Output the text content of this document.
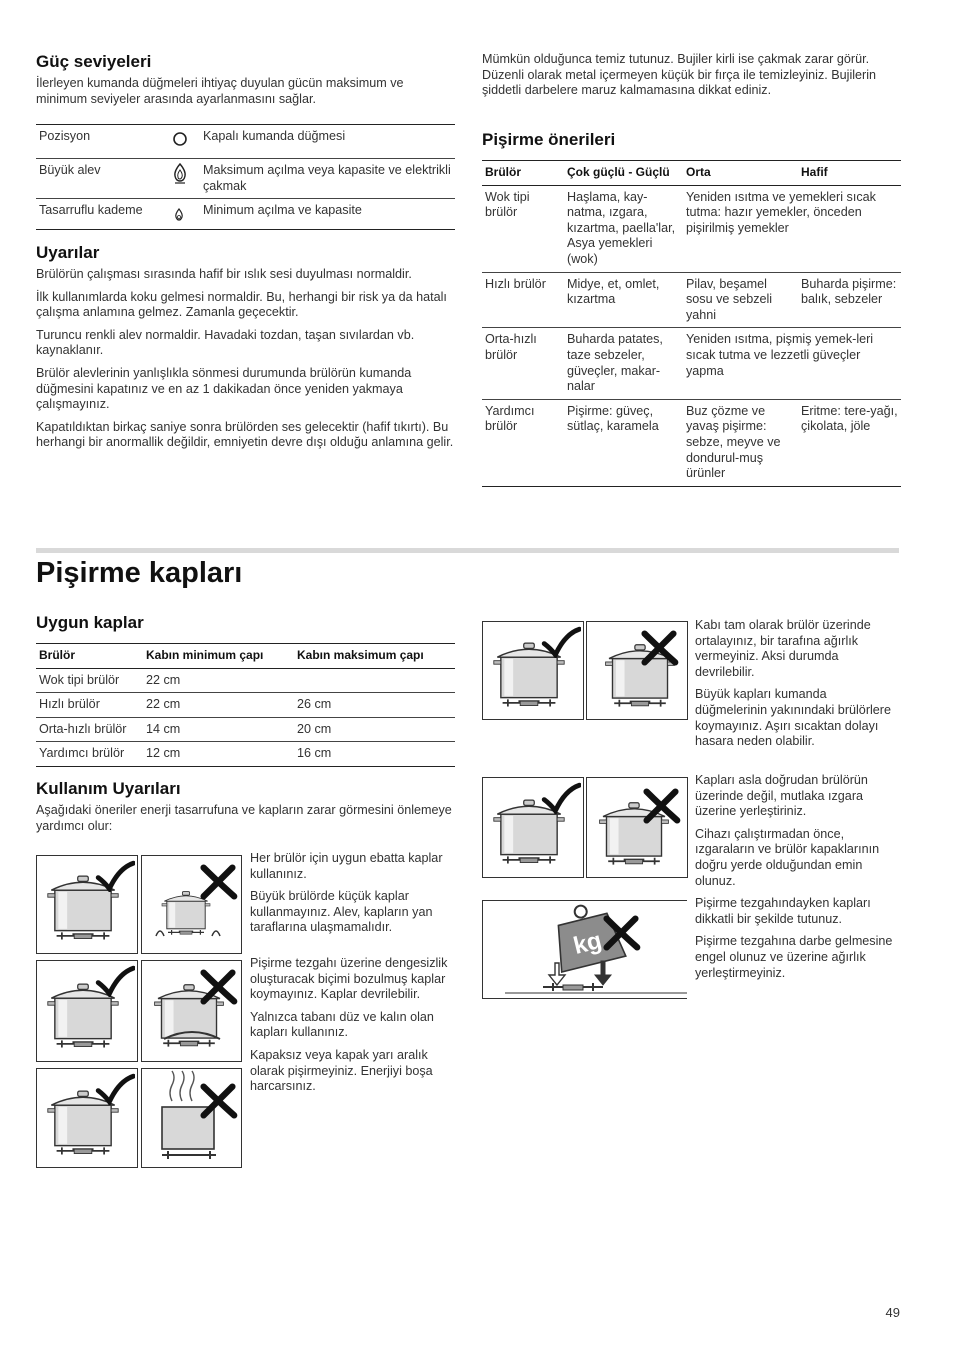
Güç seviyeleri

İlerleyen kumanda düğmeleri ihtiyaç duyulan gücün maksimum ve minimum seviyeler arasında ayarlanmasını sağlar.

Pozisyon	Kapalı kumanda düğmesi
Büyük alev	Maksimum açılma veya kapasite ve elektrikli çakmak
Tasarruflu kademe	Minimum açılma ve kapasite
Uyarılar

Brülörün çalışması sırasında hafif bir ıslık sesi duyulması normaldir.

İlk kullanımlarda koku gelmesi normaldir. Bu, herhangi bir risk ya da hatalı çalışma anlamına gelmez. Zamanla geçecektir.

Turuncu renkli alev normaldir. Havadaki tozdan, taşan sıvılardan vb. kaynaklanır.

Brülör alevlerinin yanlışlıkla sönmesi durumunda brülörün kumanda düğmesini kapatınız ve en az 1 dakikadan önce yeniden yakmaya çalışmayınız.

Kapatıldıktan birkaç saniye sonra brülörden ses gelecektir (hafif tıkırtı). Bu herhangi bir anormallik değildir, emniyetin devre dışı olduğu anlamına gelir.

Mümkün olduğunca temiz tutunuz. Bujiler kirli ise çakmak zarar görür. Düzenli olarak metal içermeyen küçük bir fırça ile temizleyiniz. Bujilerin şiddetli darbelere maruz kalmamasına dikkat ediniz.

Pişirme önerileri
Brülör	Çok güçlü - Güçlü	Orta	Hafif
Wok tipi brülör	Haşlama, kay-natma, ızgara, kızartma, paella'lar, Asya yemekleri (wok)	Yeniden ısıtma ve yemekleri sıcak tutma: hazır yemekler, önceden pişirilmiş yemekler	
Hızlı brülör	Midye, et, omlet, kızartma	Pilav, beşamel sosu ve sebzeli yahni	Buharda pişirme: balık, sebzeler
Orta-hızlı brülör	Buharda patates, taze sebzeler, güveçler, makar-nalar	Yeniden ısıtma, pişmiş yemek-leri sıcak tutma ve lezzetli güveçler yapma	
Yardımcı brülör	Pişirme: güveç, sütlaç, karamela	Buz çözme ve yavaş pişirme: sebze, meyve ve dondurul-muş ürünler	Eritme: tere-yağı, çikolata, jöle
Pişirme kapları
Uygun kaplar
Brülör	Kabın minimum çapı	Kabın maksimum çapı
Wok tipi brülör	22 cm	
Hızlı brülör	22 cm	26 cm
Orta-hızlı brülör	14 cm	20 cm
Yardımcı brülör	12 cm	16 cm
Kullanım Uyarıları

Aşağıdaki öneriler enerji tasarrufuna ve kapların zarar görmesini önlemeye yardımcı olur:

Her brülör için uygun ebatta kaplar kullanınız.

Büyük brülörde küçük kaplar kullanmayınız. Alev, kapların yan taraflarına ulaşmamalıdır.

Pişirme tezgahı üzerine dengesizlik oluşturacak biçimi bozulmuş kaplar koymayınız. Kaplar devrilebilir.

Yalnızca tabanı düz ve kalın olan kapları kullanınız.

Kapaksız veya kapak yarı aralık olarak pişirmeyiniz. Enerjiyi boşa harcarsınız.

kg

Kabı tam olarak brülör üzerinde ortalayınız, bir tarafına ağırlık vermeyiniz. Aksi durumda devrilebilir.

Büyük kapları kumanda düğmelerinin yakınındaki brülörlere koymayınız. Aşırı sıcaktan dolayı hasara neden olabilir.

Kapları asla doğrudan brülörün üzerinde değil, mutlaka ızgara üzerine yerleştiriniz.

Cihazı çalıştırmadan önce, ızgaraların ve brülör kapaklarının doğru yerde olduğundan emin olunuz.

Pişirme tezgahındayken kapları dikkatli bir şekilde tutunuz.

Pişirme tezgahına darbe gelmesine engel olunuz ve üzerine ağırlık yerleştirmeyiniz.

49
